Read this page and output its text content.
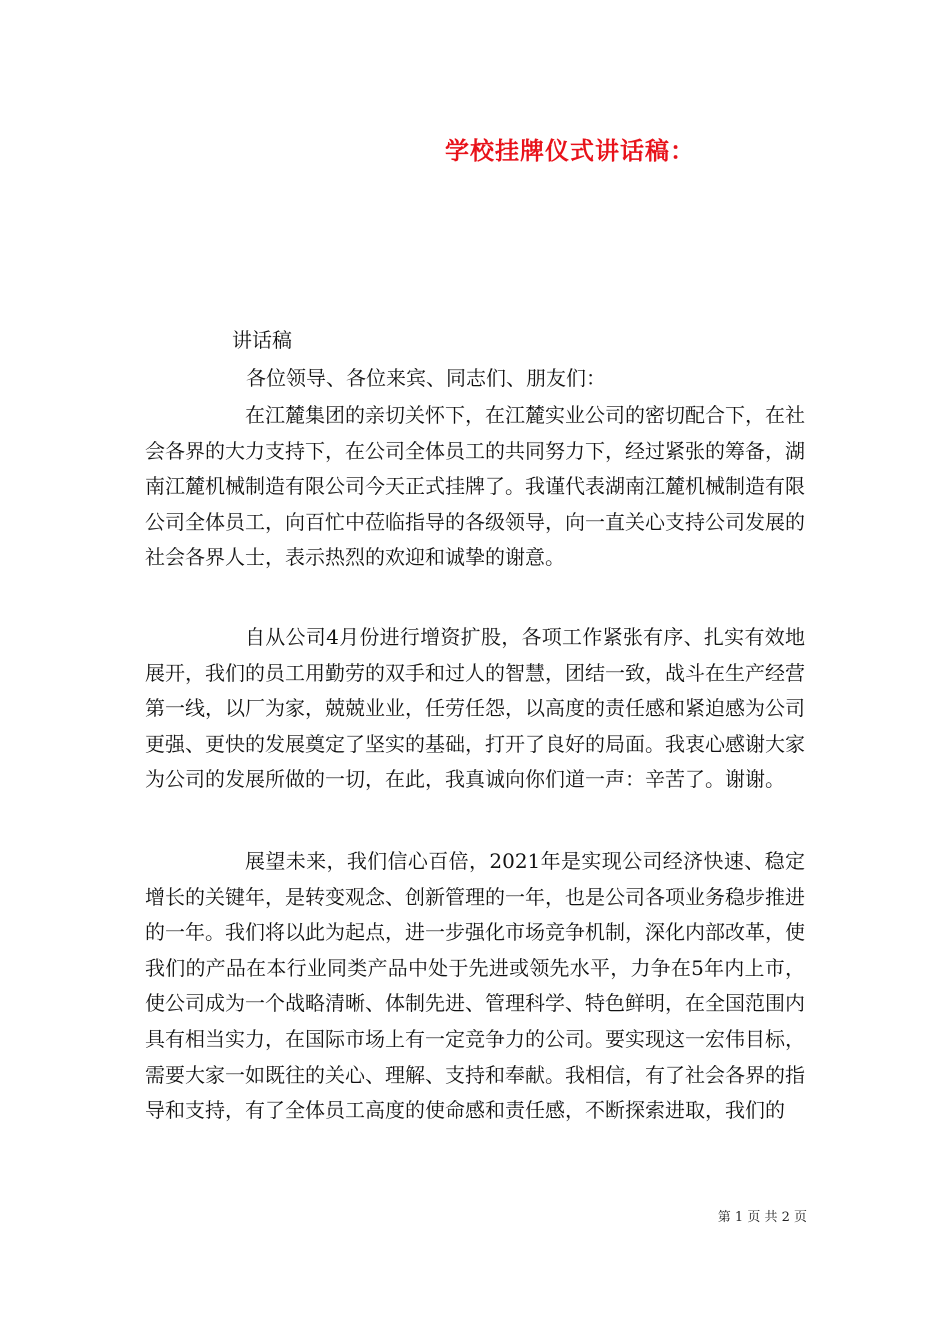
学校挂牌仪式讲话稿：
讲话稿
各位领导、各位来宾、同志们、朋友们：

在江麓集团的亲切关怀下，在江麓实业公司的密切配合下，在社会各界的大力支持下，在公司全体员工的共同努力下，经过紧张的筹备，湖南江麓机械制造有限公司今天正式挂牌了。我谨代表湖南江麓机械制造有限公司全体员工，向百忙中莅临指导的各级领导，向一直关心支持公司发展的社会各界人士，表示热烈的欢迎和诚挚的谢意。

自从公司4月份进行增资扩股，各项工作紧张有序、扎实有效地展开，我们的员工用勤劳的双手和过人的智慧，团结一致，战斗在生产经营第一线，以厂为家，兢兢业业，任劳任怨，以高度的责任感和紧迫感为公司更强、更快的发展奠定了坚实的基础，打开了良好的局面。我衷心感谢大家为公司的发展所做的一切，在此，我真诚向你们道一声：辛苦了。谢谢。

展望未来，我们信心百倍，2021年是实现公司经济快速、稳定增长的关键年，是转变观念、创新管理的一年，也是公司各项业务稳步推进的一年。我们将以此为起点，进一步强化市场竞争机制，深化内部改革，使我们的产品在本行业同类产品中处于先进或领先水平，力争在5年内上市，使公司成为一个战略清晰、体制先进、管理科学、特色鲜明，在全国范围内具有相当实力，在国际市场上有一定竞争力的公司。要实现这一宏伟目标，需要大家一如既往的关心、理解、支持和奉献。我相信，有了社会各界的指导和支持，有了全体员工高度的使命感和责任感，不断探索进取，我们的

第 1 页 共 2 页
